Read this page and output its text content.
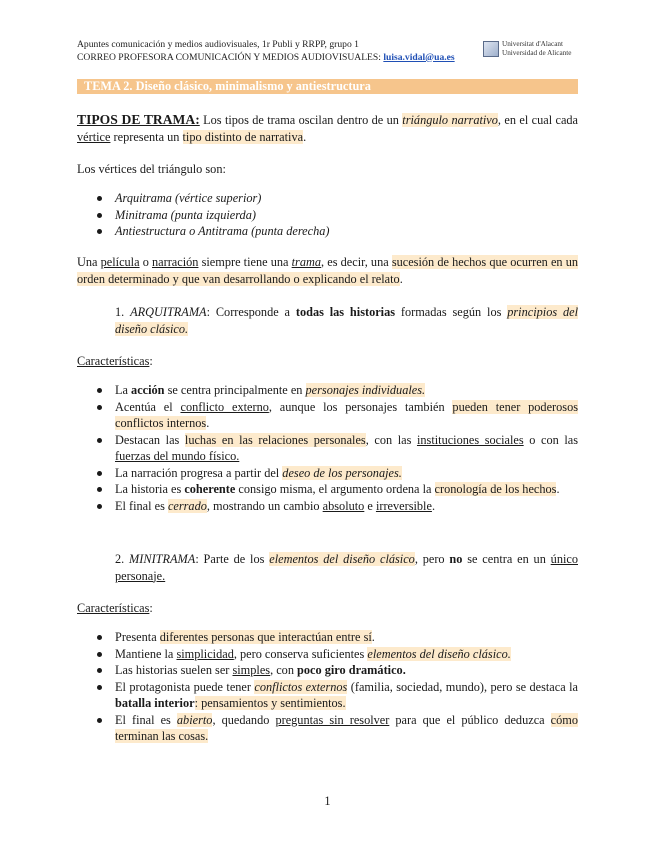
Apuntes comunicación y medios audiovisuales, 1r Publi y RRPP, grupo 1
CORREO PROFESORA COMUNICACIÓN Y MEDIOS AUDIOVISUALES: luisa.vidal@ua.es
Universitat d'Alacant
Universidad de Alicante
TEMA 2. Diseño clásico, minimalismo y antiestructura
TIPOS DE TRAMA: Los tipos de trama oscilan dentro de un triángulo narrativo, en el cual cada vértice representa un tipo distinto de narrativa.
Los vértices del triángulo son:
Arquitrama (vértice superior)
Minitrama (punta izquierda)
Antiestructura o Antitrama (punta derecha)
Una película o narración siempre tiene una trama, es decir, una sucesión de hechos que ocurren en un orden determinado y que van desarrollando o explicando el relato.
1. ARQUITRAMA: Corresponde a todas las historias formadas según los principios del diseño clásico.
Características:
La acción se centra principalmente en personajes individuales.
Acentúa el conflicto externo, aunque los personajes también pueden tener poderosos conflictos internos.
Destacan las luchas en las relaciones personales, con las instituciones sociales o con las fuerzas del mundo físico.
La narración progresa a partir del deseo de los personajes.
La historia es coherente consigo misma, el argumento ordena la cronología de los hechos.
El final es cerrado, mostrando un cambio absoluto e irreversible.
2. MINITRAMA: Parte de los elementos del diseño clásico, pero no se centra en un único personaje.
Características:
Presenta diferentes personas que interactúan entre sí.
Mantiene la simplicidad, pero conserva suficientes elementos del diseño clásico.
Las historias suelen ser simples, con poco giro dramático.
El protagonista puede tener conflictos externos (familia, sociedad, mundo), pero se destaca la batalla interior: pensamientos y sentimientos.
El final es abierto, quedando preguntas sin resolver para que el público deduzca cómo terminan las cosas.
1
